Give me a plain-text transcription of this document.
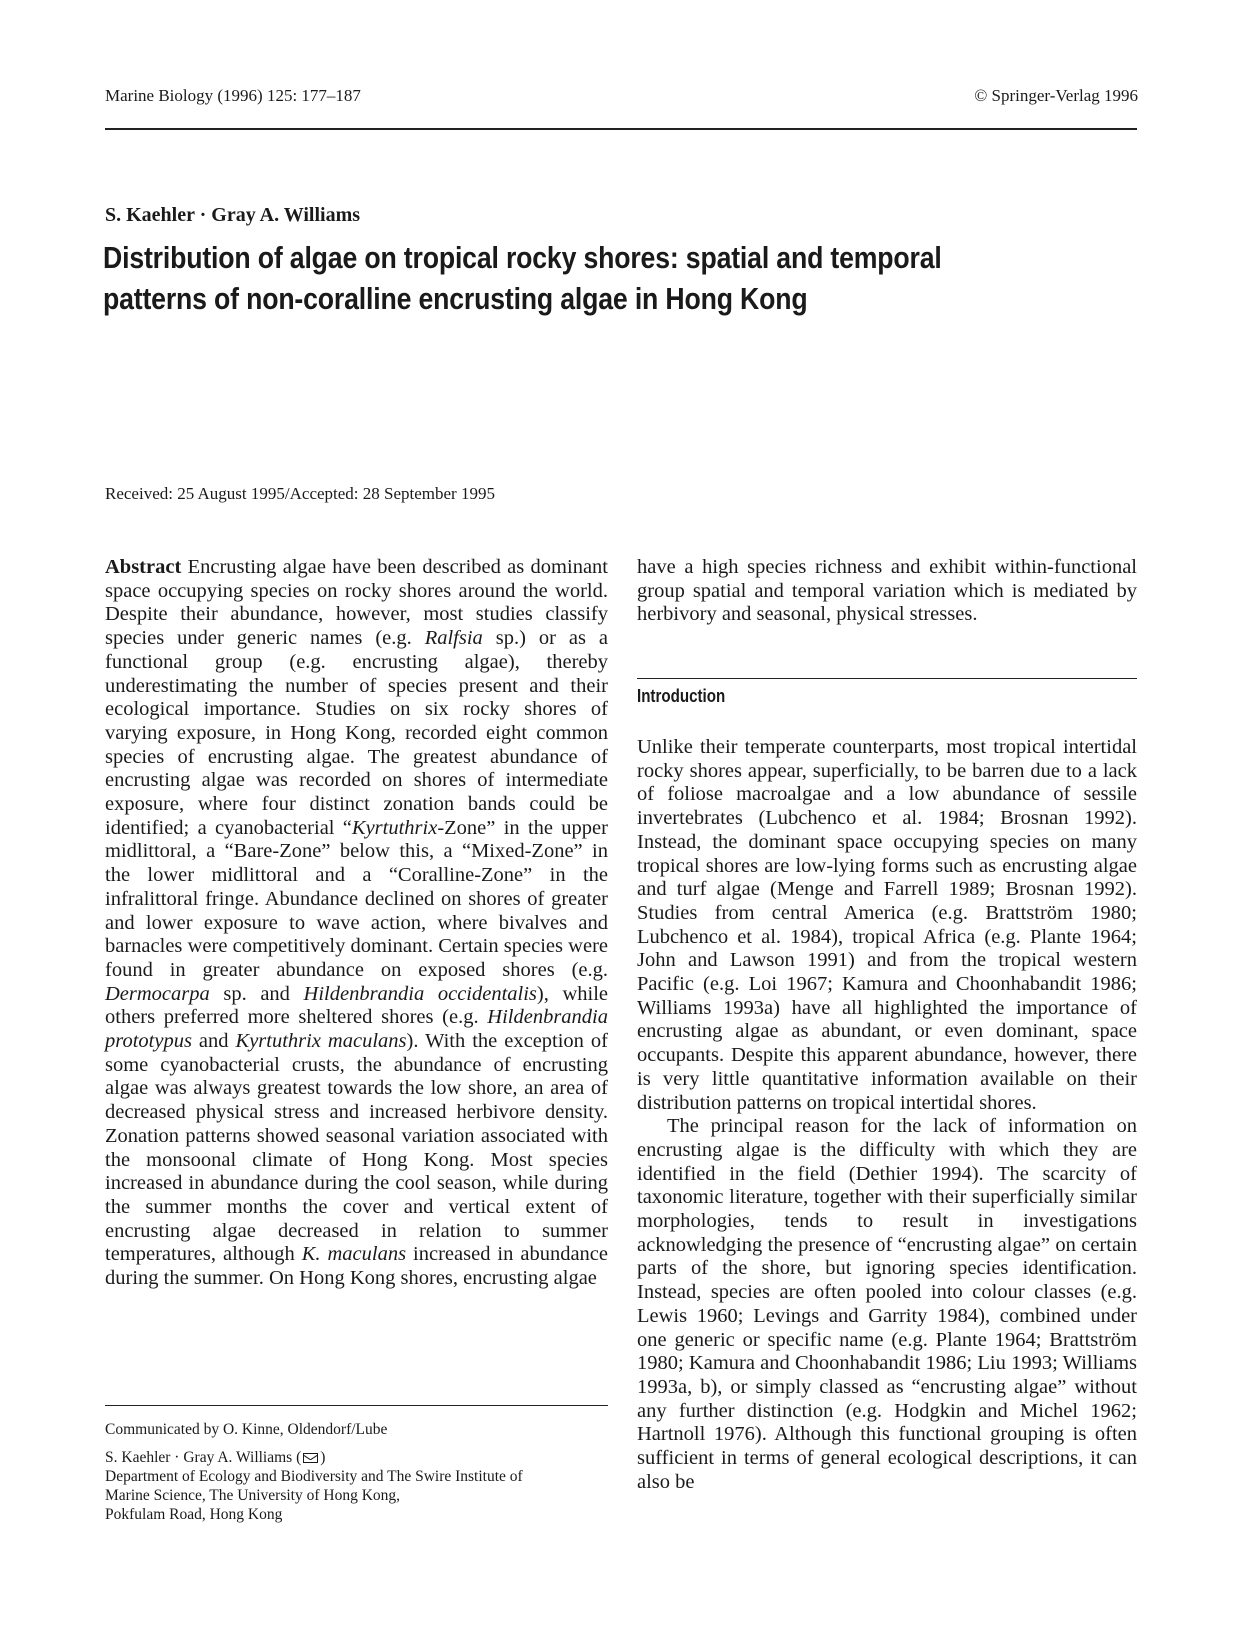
Marine Biology (1996) 125: 177–187	© Springer-Verlag 1996
S. Kaehler · Gray A. Williams
Distribution of algae on tropical rocky shores: spatial and temporal
patterns of non-coralline encrusting algae in Hong Kong
Received: 25 August 1995/Accepted: 28 September 1995

Abstract Encrusting algae have been described as dominant space occupying species on rocky shores around the world. Despite their abundance, however, most studies classify species under generic names (e.g. Ralfsia sp.) or as a functional group (e.g. encrusting algae), thereby underestimating the number of species present and their ecological importance. Studies on six rocky shores of varying exposure, in Hong Kong, recorded eight common species of encrusting algae. The greatest abundance of encrusting algae was recorded on shores of intermediate exposure, where four distinct zonation bands could be identified; a cyanobacterial “Kyrtuthrix-Zone” in the upper midlittoral, a “Bare-Zone” below this, a “Mixed-Zone” in the lower midlittoral and a “Coralline-Zone” in the infralittoral fringe. Abundance declined on shores of greater and lower exposure to wave action, where bivalves and barnacles were competitively dominant. Certain species were found in greater abundance on exposed shores (e.g. Dermocarpa sp. and Hildenbrandia occidentalis), while others preferred more sheltered shores (e.g. Hildenbrandia prototypus and Kyrtuthrix maculans). With the exception of some cyanobacterial crusts, the abundance of encrusting algae was always greatest towards the low shore, an area of decreased physical stress and increased herbivore density. Zonation patterns showed seasonal variation associated with the monsoonal climate of Hong Kong. Most species increased in abundance during the cool season, while during the summer months the cover and vertical extent of encrusting algae decreased in relation to summer temperatures, although K. maculans increased in abundance during the summer. On Hong Kong shores, encrusting algae

have a high species richness and exhibit within-functional group spatial and temporal variation which is mediated by herbivory and seasonal, physical stresses.

Introduction

Unlike their temperate counterparts, most tropical intertidal rocky shores appear, superficially, to be barren due to a lack of foliose macroalgae and a low abundance of sessile invertebrates (Lubchenco et al. 1984; Brosnan 1992). Instead, the dominant space occupying species on many tropical shores are low-lying forms such as encrusting algae and turf algae (Menge and Farrell 1989; Brosnan 1992). Studies from central America (e.g. Brattström 1980; Lubchenco et al. 1984), tropical Africa (e.g. Plante 1964; John and Lawson 1991) and from the tropical western Pacific (e.g. Loi 1967; Kamura and Choonhabandit 1986; Williams 1993a) have all highlighted the importance of encrusting algae as abundant, or even dominant, space occupants. Despite this apparent abundance, however, there is very little quantitative information available on their distribution patterns on tropical intertidal shores.

The principal reason for the lack of information on encrusting algae is the difficulty with which they are identified in the field (Dethier 1994). The scarcity of taxonomic literature, together with their superficially similar morphologies, tends to result in investigations acknowledging the presence of “encrusting algae” on certain parts of the shore, but ignoring species identification. Instead, species are often pooled into colour classes (e.g. Lewis 1960; Levings and Garrity 1984), combined under one generic or specific name (e.g. Plante 1964; Brattström 1980; Kamura and Choonhabandit 1986; Liu 1993; Williams 1993a, b), or simply classed as “encrusting algae” without any further distinction (e.g. Hodgkin and Michel 1962; Hartnoll 1976). Although this functional grouping is often sufficient in terms of general ecological descriptions, it can also be

Communicated by O. Kinne, Oldendorf/Lube
S. Kaehler · Gray A. Williams ( )
Department of Ecology and Biodiversity and The Swire Institute of
Marine Science, The University of Hong Kong,
Pokfulam Road, Hong Kong
